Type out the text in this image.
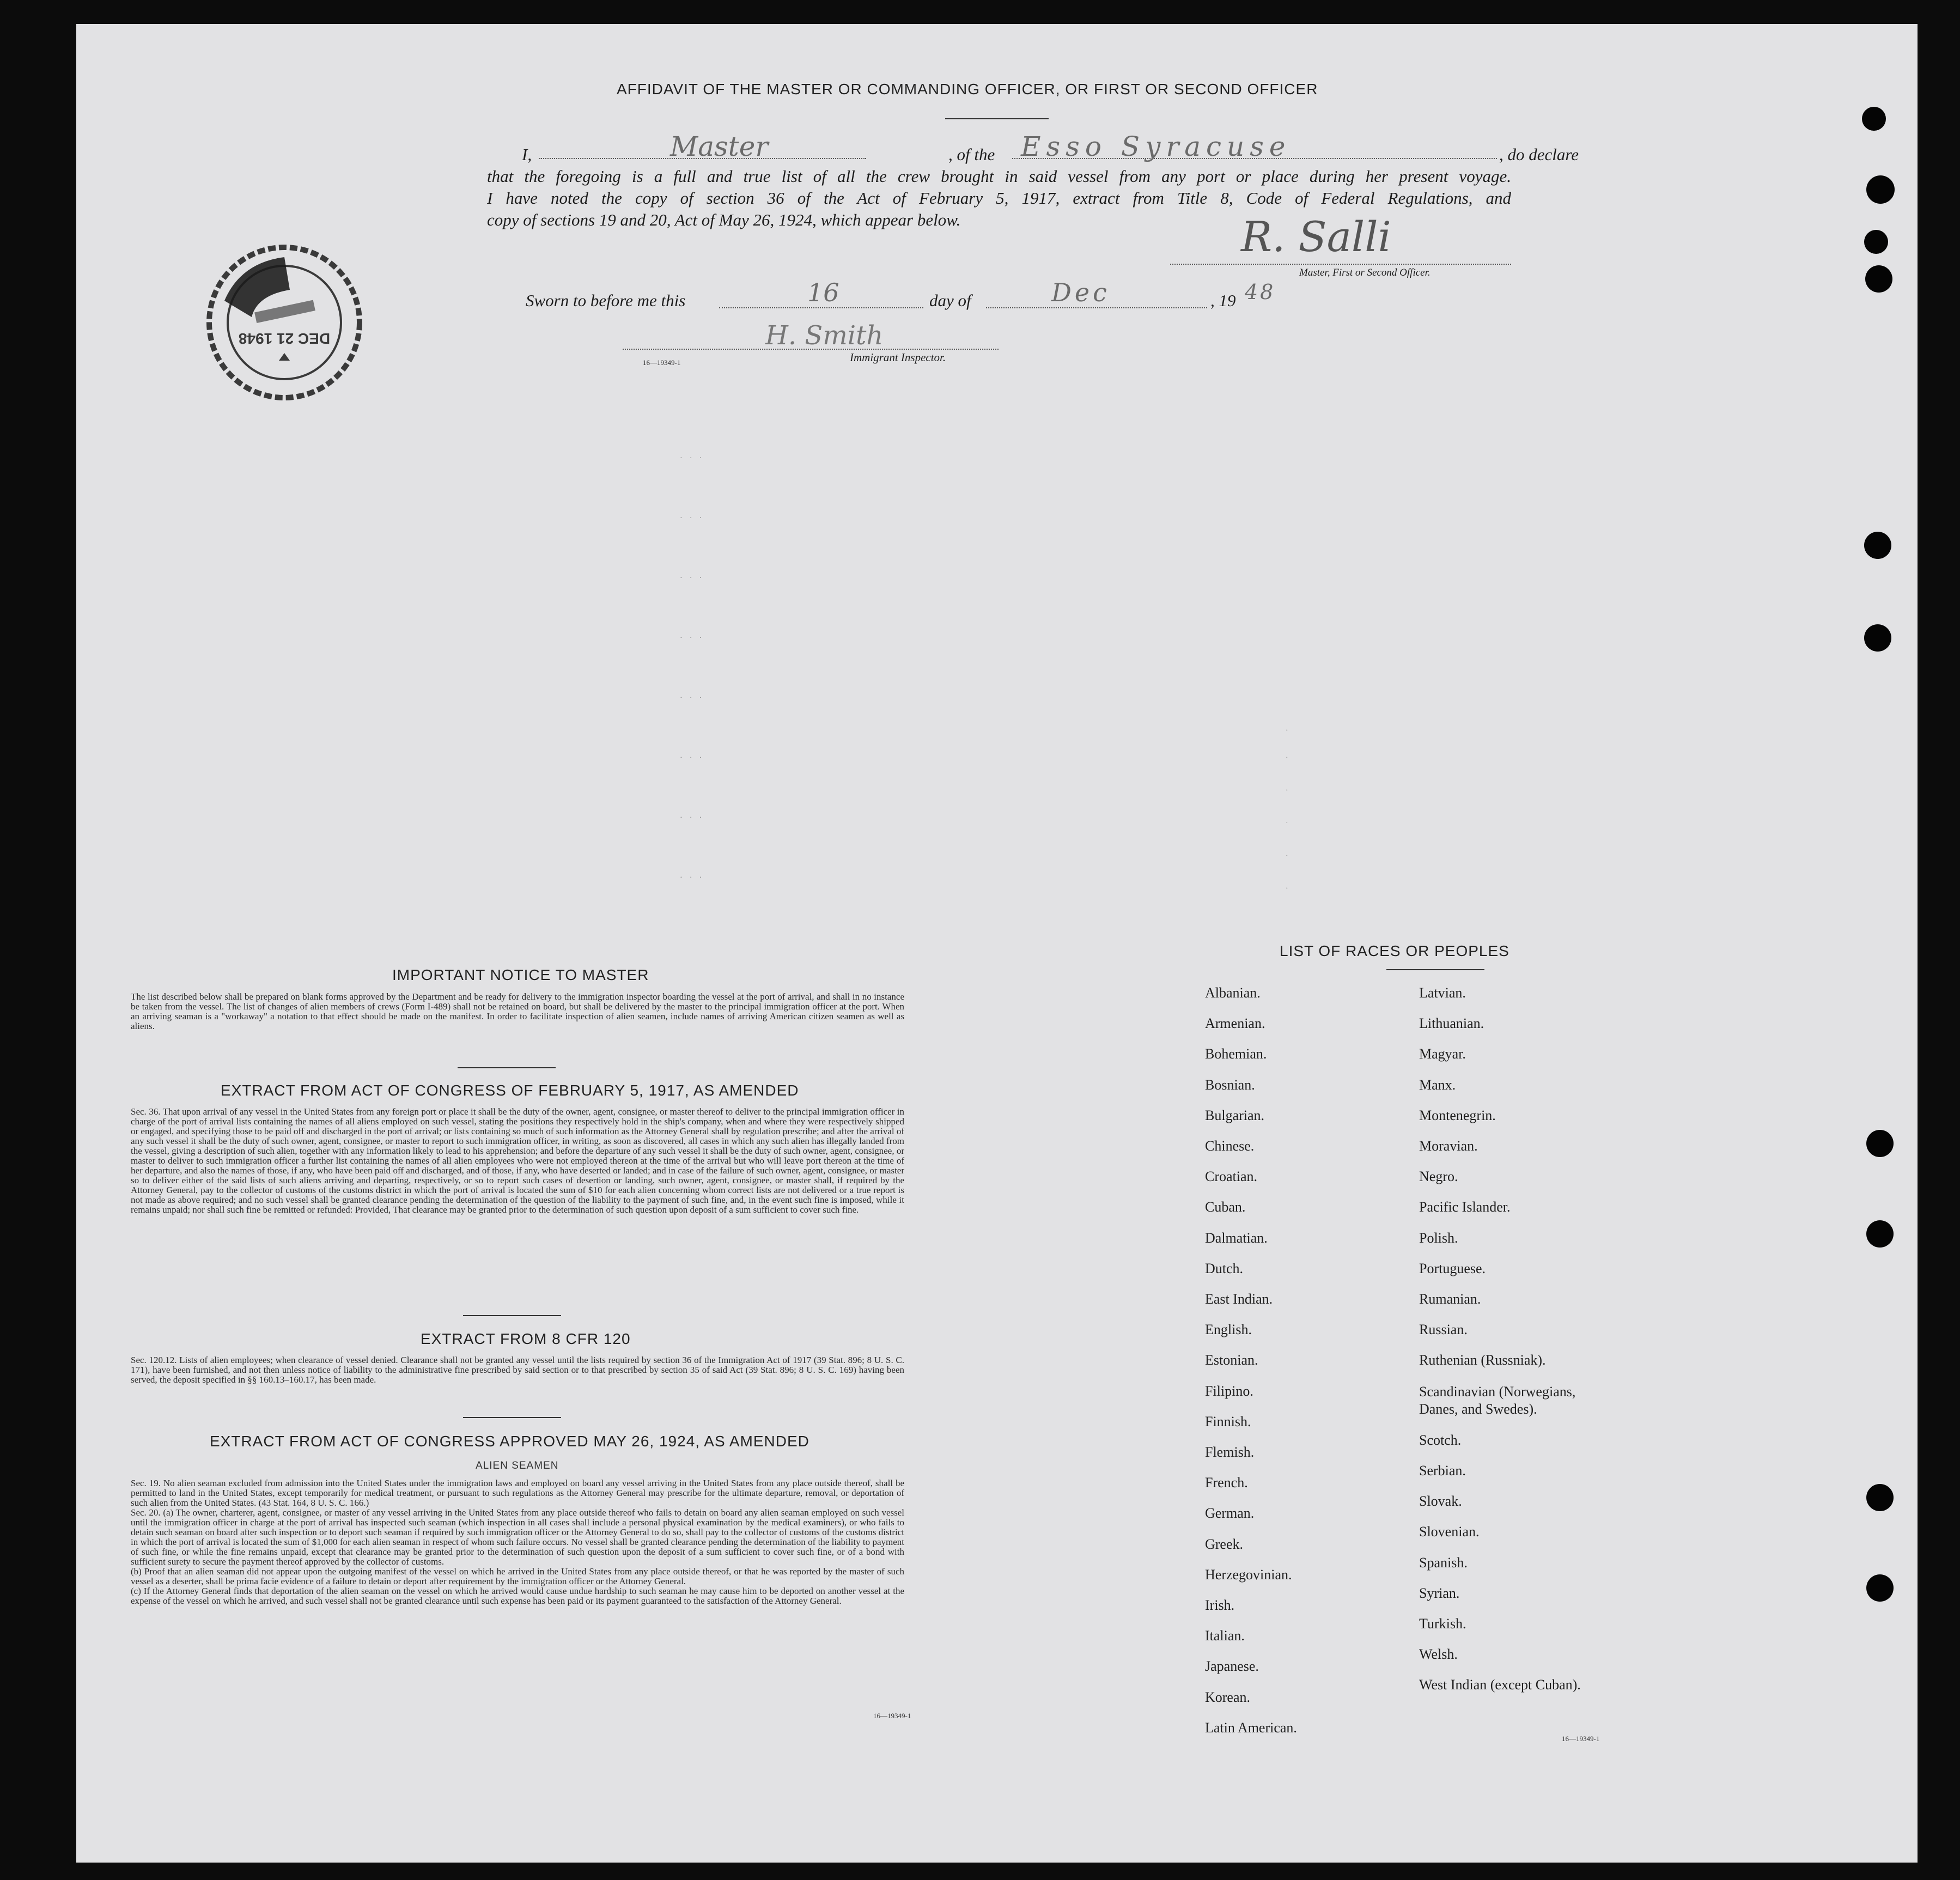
AFFIDAVIT OF THE MASTER OR COMMANDING OFFICER, OR FIRST OR SECOND OFFICER
I,	Master	, of the Esso Syracuse	, do declare
that the foregoing is a full and true list of all the crew brought in said vessel from any port or place during her present voyage.
I have noted the copy of section 36 of the Act of February 5, 1917, extract from Title 8, Code of Federal Regulations, and
copy of sections 19 and 20, Act of May 26, 1924, which appear below.	R. Salli
Master, First or Second Officer.
Sworn to before me this	16	day of	Dec	, 19 48
H. Smith
Immigrant Inspector.
16—19349-1
DEC 21 1948
IMPORTANT NOTICE TO MASTER

The list described below shall be prepared on blank forms approved by the Department and be ready for delivery to the immigration inspector boarding the vessel at the port of arrival, and shall in no instance be taken from the vessel. The list of changes of alien members of crews (Form I-489) shall not be retained on board, but shall be delivered by the master to the principal immigration officer at the port. When an arriving seaman is a "workaway" a notation to that effect should be made on the manifest. In order to facilitate inspection of alien seamen, include names of arriving American citizen seamen as well as aliens.

EXTRACT FROM ACT OF CONGRESS OF FEBRUARY 5, 1917, AS AMENDED

Sec. 36. That upon arrival of any vessel in the United States from any foreign port or place it shall be the duty of the owner, agent, consignee, or master thereof to deliver to the principal immigration officer in charge of the port of arrival lists containing the names of all aliens employed on such vessel, stating the positions they respectively hold in the ship's company, when and where they were respectively shipped or engaged, and specifying those to be paid off and discharged in the port of arrival; or lists containing so much of such information as the Attorney General shall by regulation prescribe; and after the arrival of any such vessel it shall be the duty of such owner, agent, consignee, or master to report to such immigration officer, in writing, as soon as discovered, all cases in which any such alien has illegally landed from the vessel, giving a description of such alien, together with any information likely to lead to his apprehension; and before the departure of any such vessel it shall be the duty of such owner, agent, consignee, or master to deliver to such immigration officer a further list containing the names of all alien employees who were not employed thereon at the time of the arrival but who will leave port thereon at the time of her departure, and also the names of those, if any, who have been paid off and discharged, and of those, if any, who have deserted or landed; and in case of the failure of such owner, agent, consignee, or master so to deliver either of the said lists of such aliens arriving and departing, respectively, or so to report such cases of desertion or landing, such owner, agent, consignee, or master shall, if required by the Attorney General, pay to the collector of customs of the customs district in which the port of arrival is located the sum of $10 for each alien concerning whom correct lists are not delivered or a true report is not made as above required; and no such vessel shall be granted clearance pending the determination of the question of the liability to the payment of such fine, and, in the event such fine is imposed, while it remains unpaid; nor shall such fine be remitted or refunded: Provided, That clearance may be granted prior to the determination of such question upon deposit of a sum sufficient to cover such fine.

EXTRACT FROM 8 CFR 120

Sec. 120.12. Lists of alien employees; when clearance of vessel denied. Clearance shall not be granted any vessel until the lists required by section 36 of the Immigration Act of 1917 (39 Stat. 896; 8 U. S. C. 171), have been furnished, and not then unless notice of liability to the administrative fine prescribed by said section or to that prescribed by section 35 of said Act (39 Stat. 896; 8 U. S. C. 169) having been served, the deposit specified in §§ 160.13–160.17, has been made.

EXTRACT FROM ACT OF CONGRESS APPROVED MAY 26, 1924, AS AMENDED
ALIEN SEAMEN

Sec. 19. No alien seaman excluded from admission into the United States under the immigration laws and employed on board any vessel arriving in the United States from any place outside thereof, shall be permitted to land in the United States, except temporarily for medical treatment, or pursuant to such regulations as the Attorney General may prescribe for the ultimate departure, removal, or deportation of such alien from the United States. (43 Stat. 164, 8 U. S. C. 166.)

Sec. 20. (a) The owner, charterer, agent, consignee, or master of any vessel arriving in the United States from any place outside thereof who fails to detain on board any alien seaman employed on such vessel until the immigration officer in charge at the port of arrival has inspected such seaman (which inspection in all cases shall include a personal physical examination by the medical examiners), or who fails to detain such seaman on board after such inspection or to deport such seaman if required by such immigration officer or the Attorney General to do so, shall pay to the collector of customs of the customs district in which the port of arrival is located the sum of $1,000 for each alien seaman in respect of whom such failure occurs. No vessel shall be granted clearance pending the determination of the liability to payment of such fine, or while the fine remains unpaid, except that clearance may be granted prior to the determination of such question upon the deposit of a sum sufficient to cover such fine, or of a bond with sufficient surety to secure the payment thereof approved by the collector of customs.

(b) Proof that an alien seaman did not appear upon the outgoing manifest of the vessel on which he arrived in the United States from any place outside thereof, or that he was reported by the master of such vessel as a deserter, shall be prima facie evidence of a failure to detain or deport after requirement by the immigration officer or the Attorney General.

(c) If the Attorney General finds that deportation of the alien seaman on the vessel on which he arrived would cause undue hardship to such seaman he may cause him to be deported on another vessel at the expense of the vessel on which he arrived, and such vessel shall not be granted clearance until such expense has been paid or its payment guaranteed to the satisfaction of the Attorney General.

16—19349-1
LIST OF RACES OR PEOPLES
Albanian.
Armenian.
Bohemian.
Bosnian.
Bulgarian.
Chinese.
Croatian.
Cuban.
Dalmatian.
Dutch.
East Indian.
English.
Estonian.
Filipino.
Finnish.
Flemish.
French.
German.
Greek.
Herzegovinian.
Irish.
Italian.
Japanese.
Korean.
Latin American.
Latvian.
Lithuanian.
Magyar.
Manx.
Montenegrin.
Moravian.
Negro.
Pacific Islander.
Polish.
Portuguese.
Rumanian.
Russian.
Ruthenian (Russniak).
Scandinavian (Norwegians, Danes, and Swedes).
Scotch.
Serbian.
Slovak.
Slovenian.
Spanish.
Syrian.
Turkish.
Welsh.
West Indian (except Cuban).
16—19349-1
· · ·
· · ·
· · ·
· · ·
· · ·
· · ·
· · ·
· · ·
·
·
·
·
·
·
